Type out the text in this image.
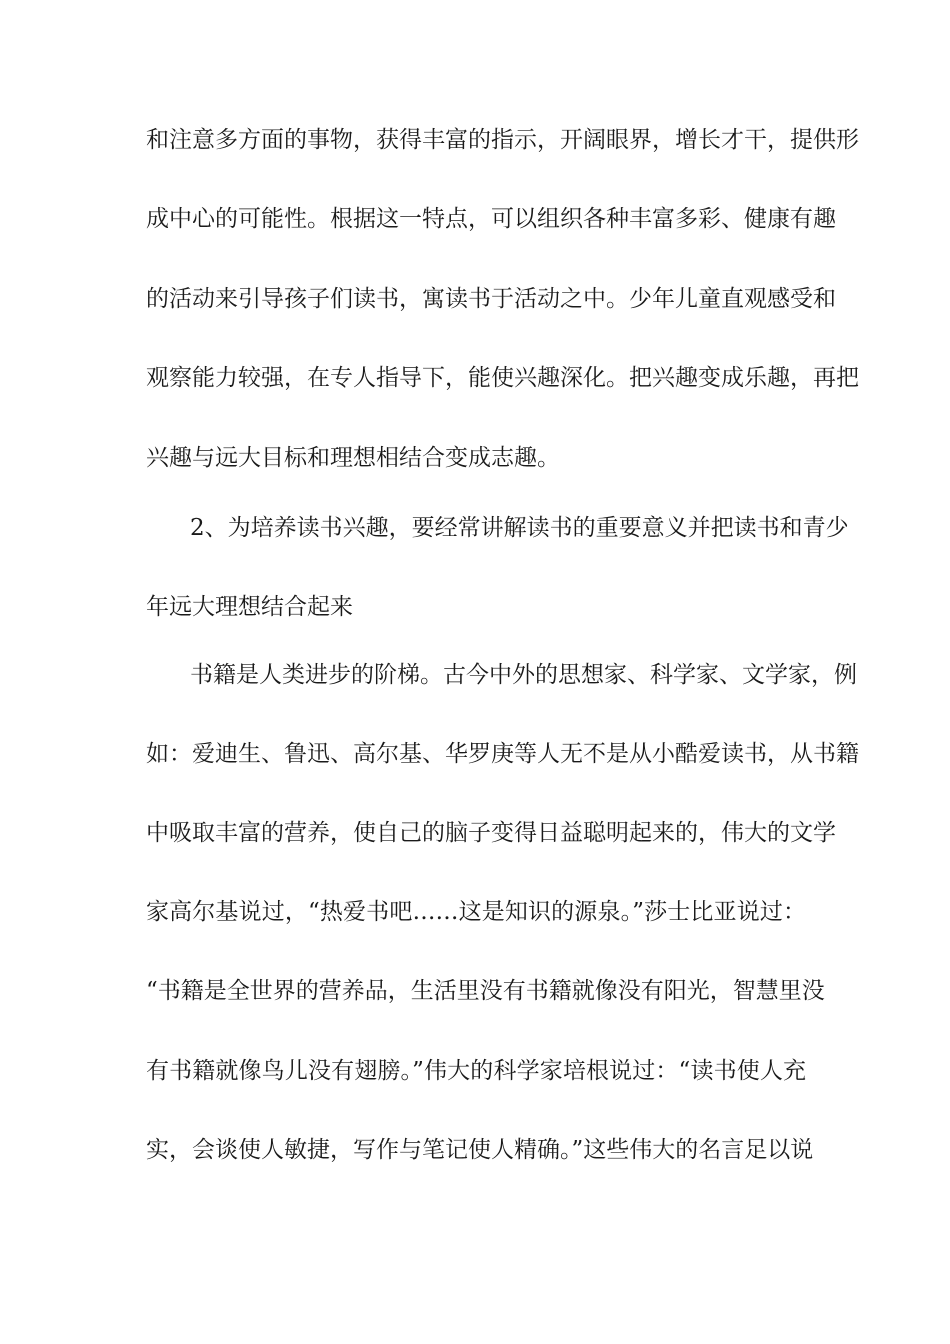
和注意多方面的事物，获得丰富的指示，开阔眼界，增长才干，提供形
成中心的可能性。根据这一特点，可以组织各种丰富多彩、健康有趣
的活动来引导孩子们读书，寓读书于活动之中。少年儿童直观感受和
观察能力较强，在专人指导下，能使兴趣深化。把兴趣变成乐趣，再把
兴趣与远大目标和理想相结合变成志趣。
2、为培养读书兴趣，要经常讲解读书的重要意义并把读书和青少
年远大理想结合起来
书籍是人类进步的阶梯。古今中外的思想家、科学家、文学家，例
如：爱迪生、鲁迅、高尔基、华罗庚等人无不是从小酷爱读书，从书籍
中吸取丰富的营养，使自己的脑子变得日益聪明起来的，伟大的文学
家高尔基说过，“热爱书吧……这是知识的源泉。”莎士比亚说过：
“书籍是全世界的营养品，生活里没有书籍就像没有阳光，智慧里没
有书籍就像鸟儿没有翅膀。”伟大的科学家培根说过：“读书使人充
实，会谈使人敏捷，写作与笔记使人精确。”这些伟大的名言足以说
